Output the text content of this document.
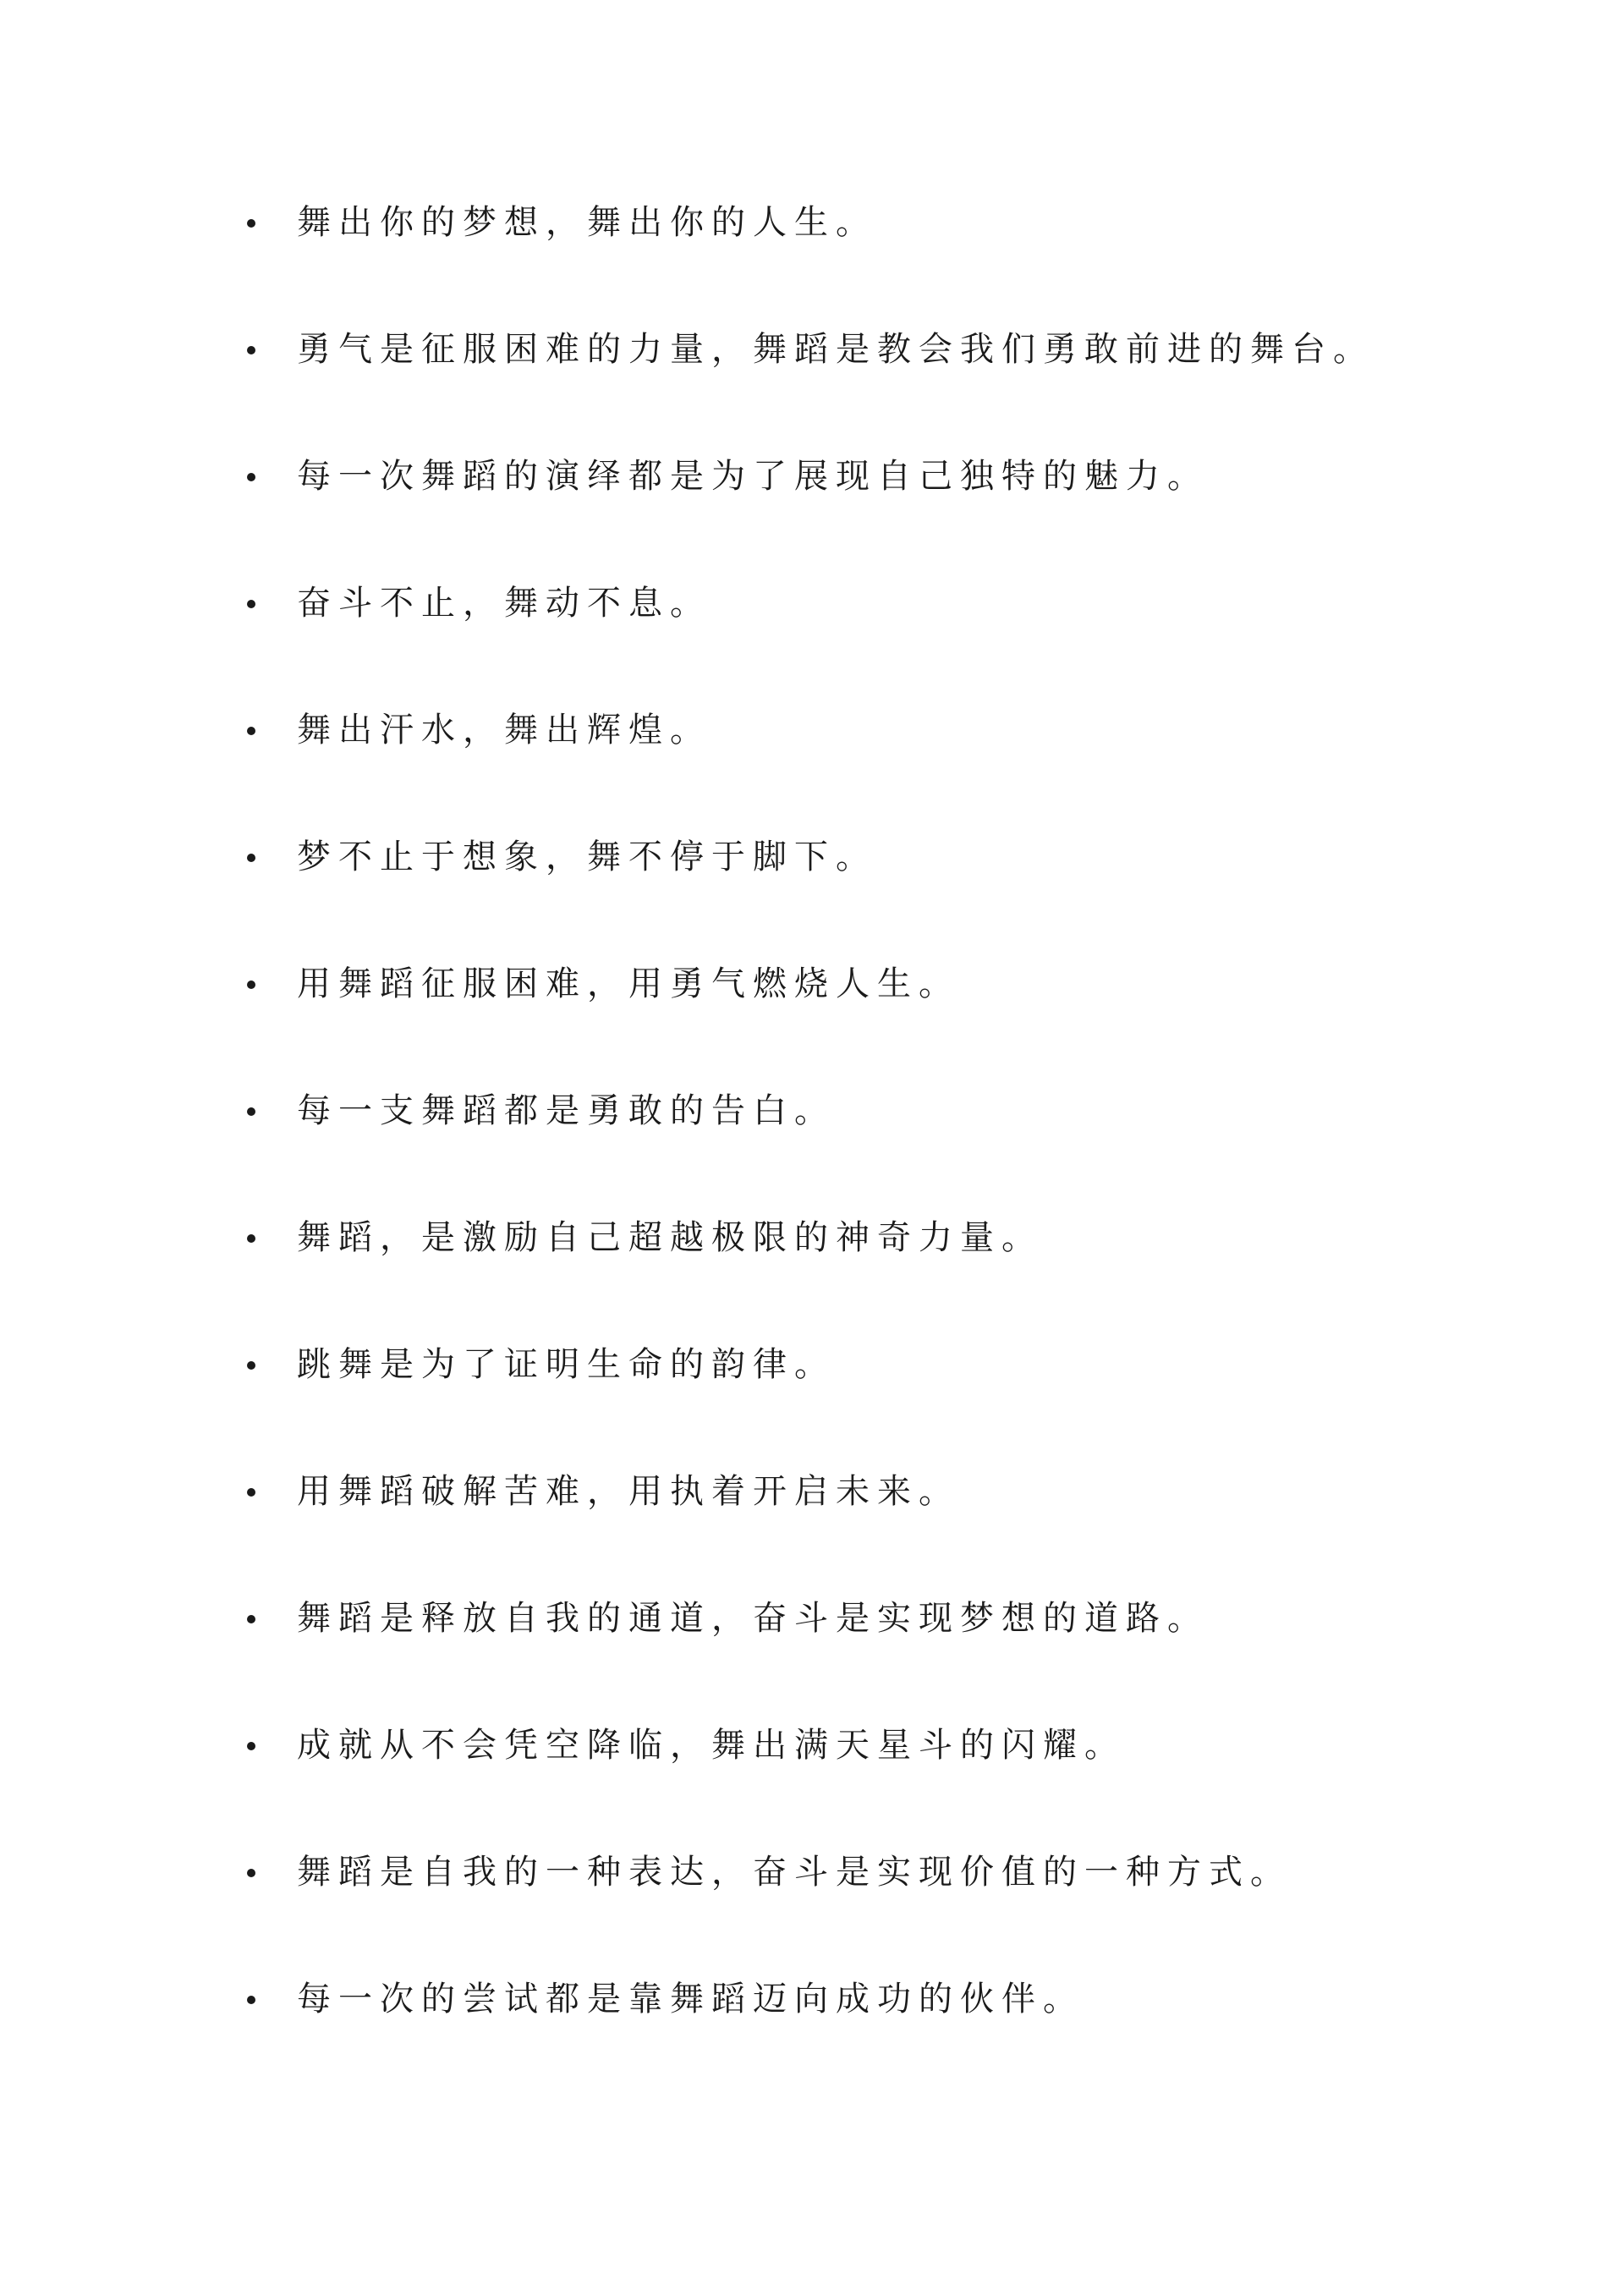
舞出你的梦想，舞出你的人生。
勇气是征服困难的力量，舞蹈是教会我们勇敢前进的舞台。
每一次舞蹈的演绎都是为了展现自己独特的魅力。
奋斗不止，舞动不息。
舞出汗水，舞出辉煌。
梦不止于想象，舞不停于脚下。
用舞蹈征服困难，用勇气燃烧人生。
每一支舞蹈都是勇敢的告白。
舞蹈，是激励自己超越极限的神奇力量。
跳舞是为了证明生命的韵律。
用舞蹈破解苦难，用执着开启未来。
舞蹈是释放自我的通道，奋斗是实现梦想的道路。
成就从不会凭空降临，舞出满天星斗的闪耀。
舞蹈是自我的一种表达，奋斗是实现价值的一种方式。
每一次的尝试都是靠舞蹈迈向成功的伙伴。
